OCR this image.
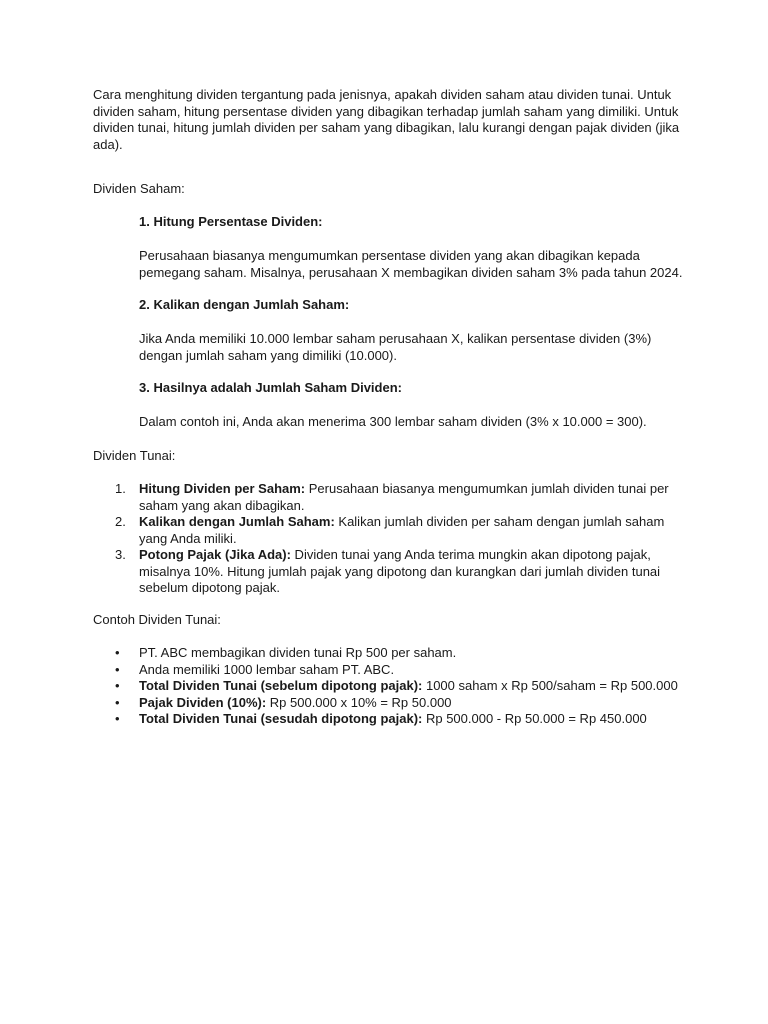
Cara menghitung dividen tergantung pada jenisnya, apakah dividen saham atau dividen tunai. Untuk dividen saham, hitung persentase dividen yang dibagikan terhadap jumlah saham yang dimiliki. Untuk dividen tunai, hitung jumlah dividen per saham yang dibagikan, lalu kurangi dengan pajak dividen (jika ada).

Dividen Saham:

1. Hitung Persentase Dividen:

Perusahaan biasanya mengumumkan persentase dividen yang akan dibagikan kepada pemegang saham. Misalnya, perusahaan X membagikan dividen saham 3% pada tahun 2024.

2. Kalikan dengan Jumlah Saham:

Jika Anda memiliki 10.000 lembar saham perusahaan X, kalikan persentase dividen (3%) dengan jumlah saham yang dimiliki (10.000).

3. Hasilnya adalah Jumlah Saham Dividen:

Dalam contoh ini, Anda akan menerima 300 lembar saham dividen (3% x 10.000 = 300).

Dividen Tunai:

1. Hitung Dividen per Saham: Perusahaan biasanya mengumumkan jumlah dividen tunai per saham yang akan dibagikan.
2. Kalikan dengan Jumlah Saham: Kalikan jumlah dividen per saham dengan jumlah saham yang Anda miliki.
3. Potong Pajak (Jika Ada): Dividen tunai yang Anda terima mungkin akan dipotong pajak, misalnya 10%. Hitung jumlah pajak yang dipotong dan kurangkan dari jumlah dividen tunai sebelum dipotong pajak.

Contoh Dividen Tunai:

• PT. ABC membagikan dividen tunai Rp 500 per saham.
• Anda memiliki 1000 lembar saham PT. ABC.
• Total Dividen Tunai (sebelum dipotong pajak): 1000 saham x Rp 500/saham = Rp 500.000
• Pajak Dividen (10%): Rp 500.000 x 10% = Rp 50.000
• Total Dividen Tunai (sesudah dipotong pajak): Rp 500.000 - Rp 50.000 = Rp 450.000
